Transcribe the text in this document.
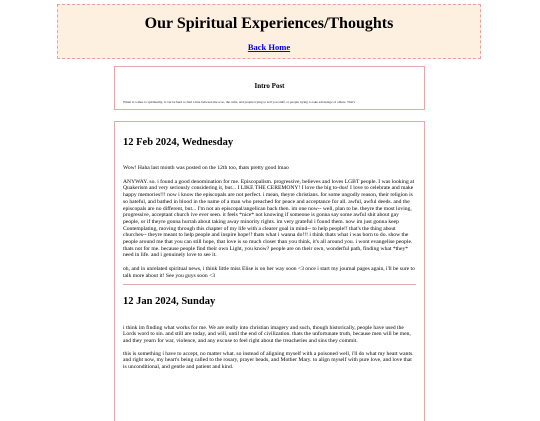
Our Spiritual Experiences/Thoughts
Back Home
Intro Post

When it comes to spirituality, it can be hard to find a line between the woo, the cults, and people trying to sell you stuff, or people trying to take advantage of others. That's

12 Feb 2024, Wednesday

Wow! Haha last month was posted on the 12th too, thats pretty good lmao

ANYWAY. so. i found a good denomination for me. Episcopalism. progressive, believes and loves LGBT people. I was looking at Quakerism and very seriously considering it, but... I LIKE THE CEREMONY! I love the big to-dos! I love to celebrate and make happy memories!!! now i know the episcopals are not perfect. i mean, theyre christians. for some ungodly reason, their religion is so hateful, and bathed in blood in the name of a man who preached for peace and acceptance for all. awful, awful deeds. and the episcopals are no different, but... I'm not an episcopal/angelican back then. im one now-- well, plan to be. theyre the most loving, progressive, acceptant church ive ever seen. it feels *nice* not knowing if someone is gonna say some awful shit about gay people, or if theyre gonna hurrah about taking away minority rights. im very grateful i found them. now im just gonna keep Contemplating, moving through this chapter of my life with a clearer goal in mind-- to help people!! that's the thing about churches-- theyre meant to help people and inspire hope!! thats what i wanna do!!! i think thats what i was born to do. show the people around me that you can still hope, that love is so much closer than you think, it's all around you. i wont evangelise people. thats not for me. because people find their own Light, you know? people are on their own, wonderful path, finding what *they* need in life. and i genuinely love to see it.

oh, and in unrelated spiritual news, i think little miss Elise is on her way soon <3 once i start my journal pages again, i'll be sure to talk more about it! See you guys soon <3

12 Jan 2024, Sunday

i think im finding what works for me. We are really into christian imagery and such, though historically, people have used the Lords word to sin. and still are today, and will, until the end of civilization. thats the unfortunate truth, because men will be men, and they yearn for war, violence, and any excuse to feel right about the treacheries and sins they commit.

this is something i have to accept, no matter what. so instead of aligning myself with a poisoned well, i'll do what my heart wants. and right now, my heart's being called to the rosary, prayer beads, and Mother Mary. to align myself with pure love, and love that is unconditional, and gentle and patient and kind.
